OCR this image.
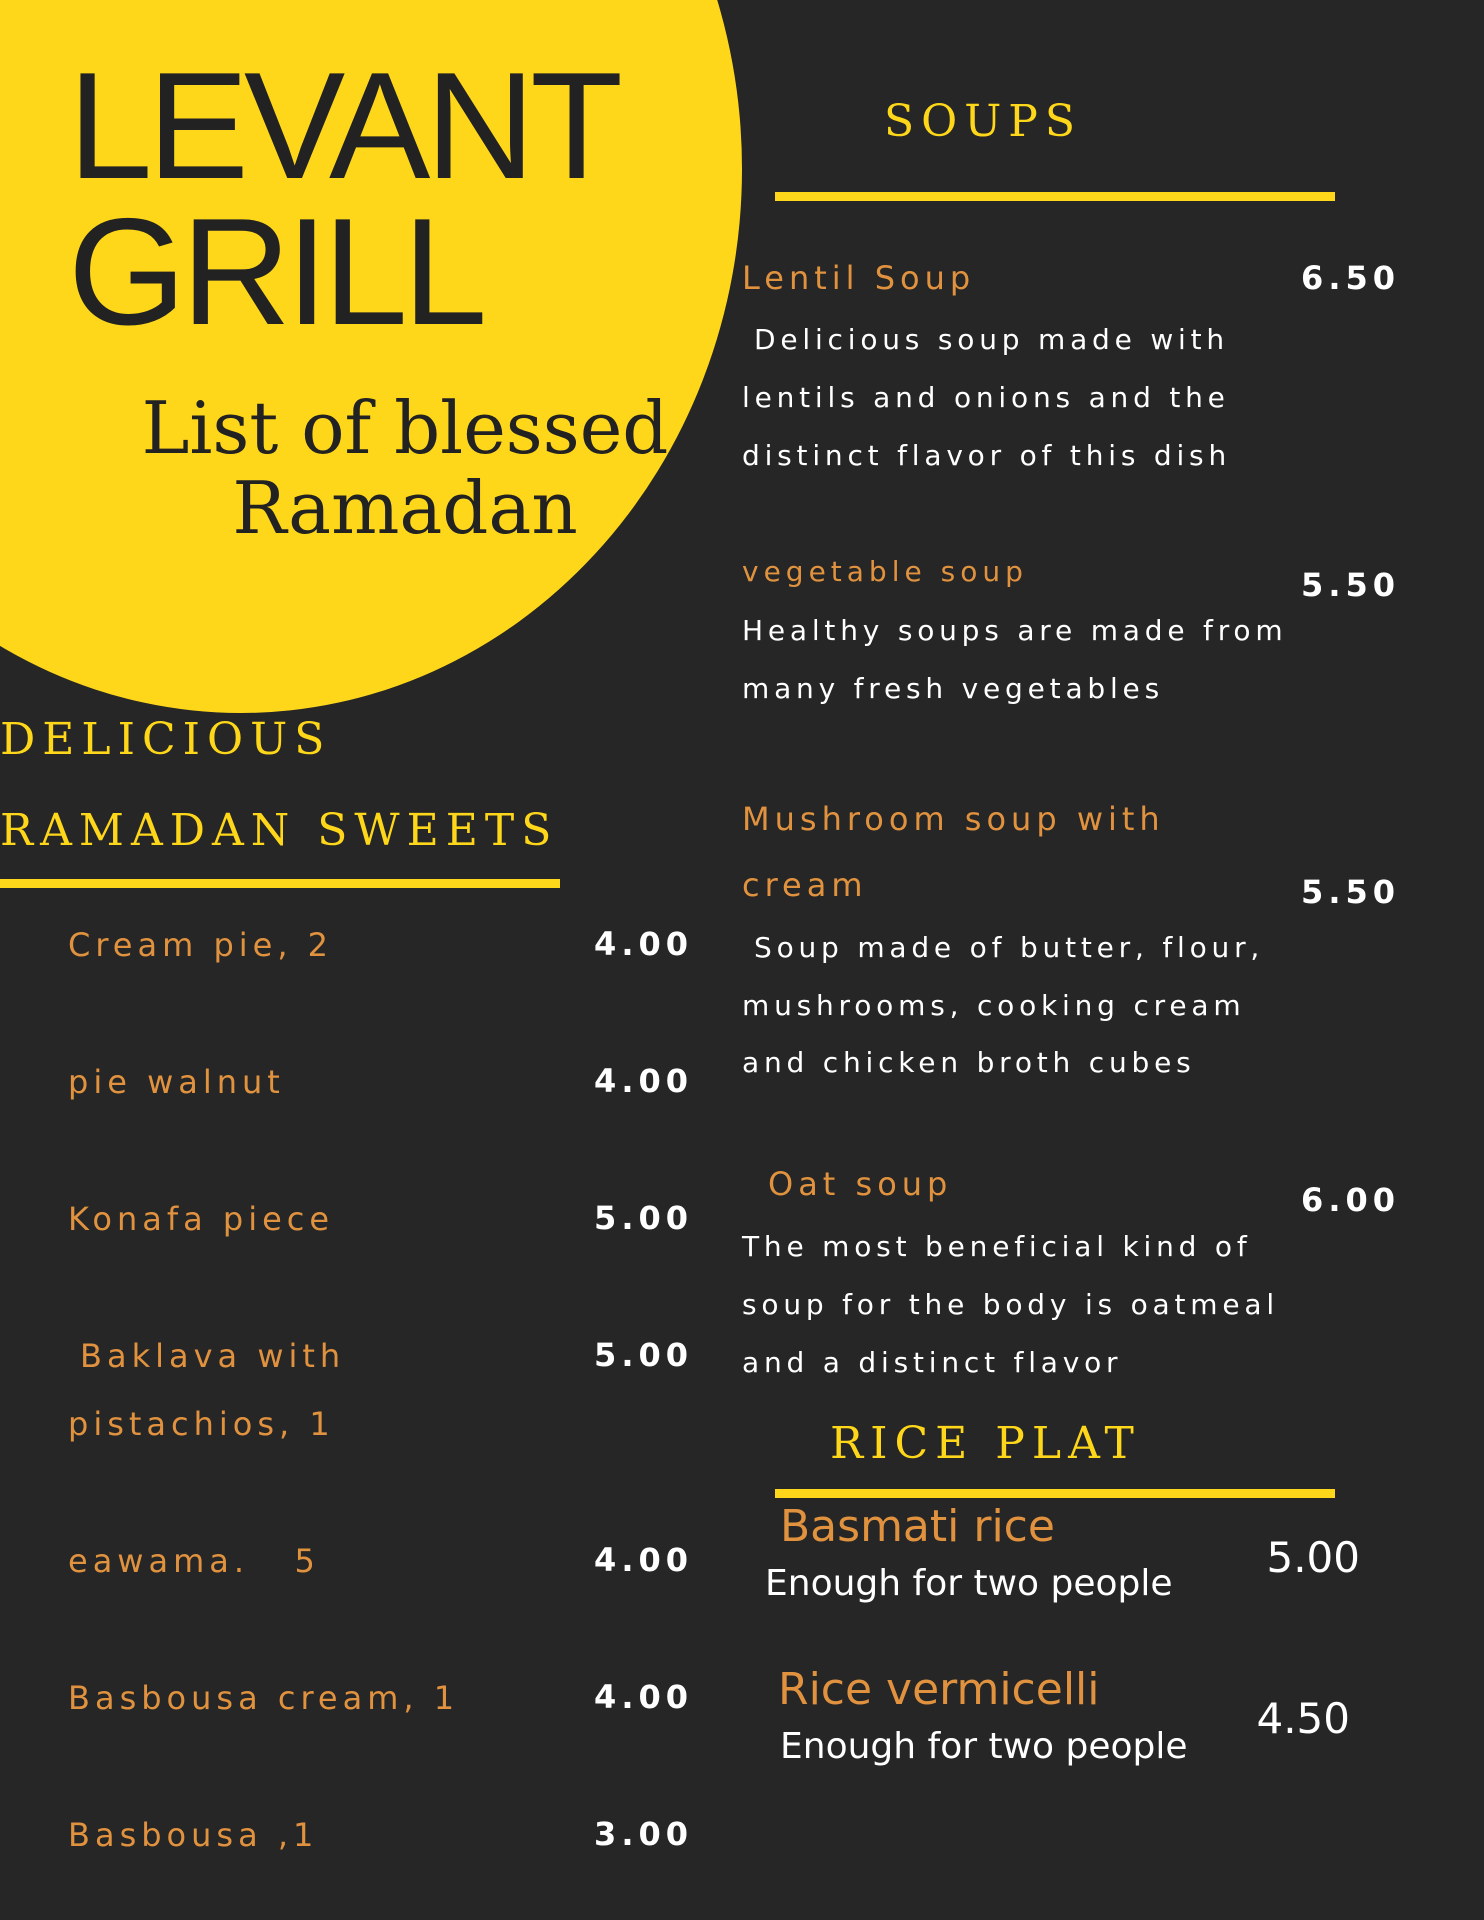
LEVANT
GRILL
List of blessed
Ramadan
DELICIOUS
RAMADAN SWEETS
Cream pie, 2	4.00
pie walnut	4.00
Konafa piece	5.00
Baklava with
pistachios, 1
5.00
eawama.   5	4.00
Basbousa cream, 1	4.00
Basbousa ,1	3.00
SOUPS
Lentil Soup	6.50
Delicious soup made with
lentils and onions and the
distinct flavor of this dish
vegetable soup	5.50
Healthy soups are made from
many fresh vegetables
Mushroom soup with
cream	5.50
Soup made of butter, flour,
mushrooms, cooking cream
and chicken broth cubes
Oat soup	6.00
The most beneficial kind of
soup for the body is oatmeal
and a distinct flavor
RICE PLAT
Basmati rice
Enough for two people
5.00
Rice vermicelli
Enough for two people
4.50
